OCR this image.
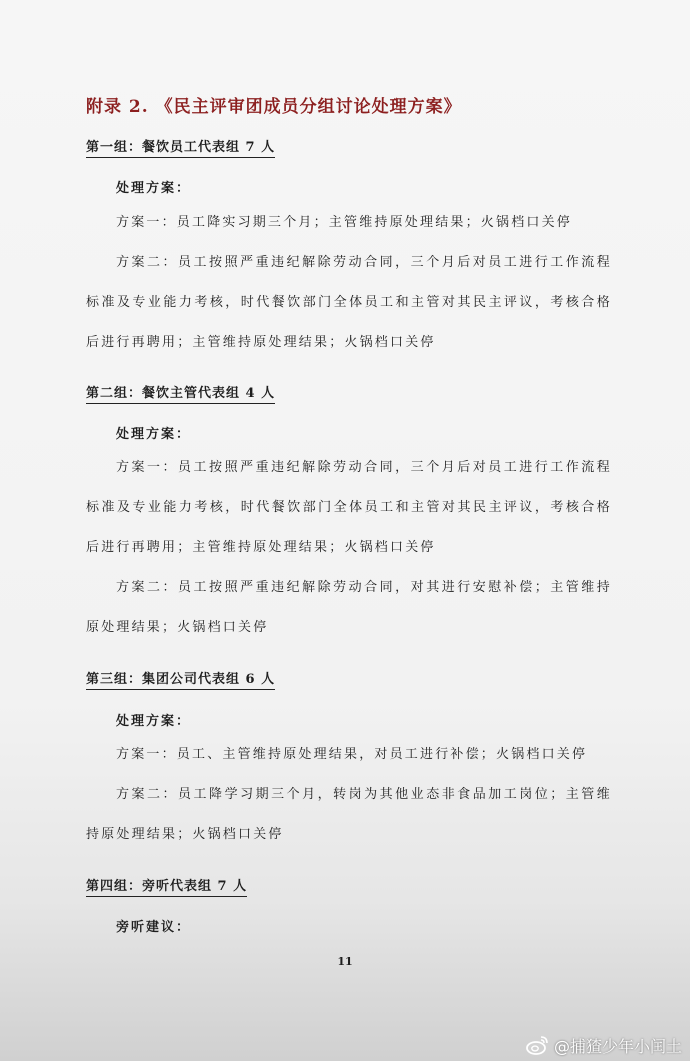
附录 2. 《民主评审团成员分组讨论处理方案》
第一组：餐饮员工代表组 7 人
处理方案：
方案一：员工降实习期三个月；主管维持原处理结果；火锅档口关停
方案二：员工按照严重违纪解除劳动合同，三个月后对员工进行工作流程标准及专业能力考核，时代餐饮部门全体员工和主管对其民主评议，考核合格后进行再聘用；主管维持原处理结果；火锅档口关停
第二组：餐饮主管代表组 4 人
处理方案：
方案一：员工按照严重违纪解除劳动合同，三个月后对员工进行工作流程标准及专业能力考核，时代餐饮部门全体员工和主管对其民主评议，考核合格后进行再聘用；主管维持原处理结果；火锅档口关停
方案二：员工按照严重违纪解除劳动合同，对其进行安慰补偿；主管维持原处理结果；火锅档口关停
第三组：集团公司代表组 6 人
处理方案：
方案一：员工、主管维持原处理结果，对员工进行补偿；火锅档口关停
方案二：员工降学习期三个月，转岗为其他业态非食品加工岗位；主管维持原处理结果；火锅档口关停
第四组：旁听代表组 7 人
旁听建议：
11
@捕猹少年小闰土
